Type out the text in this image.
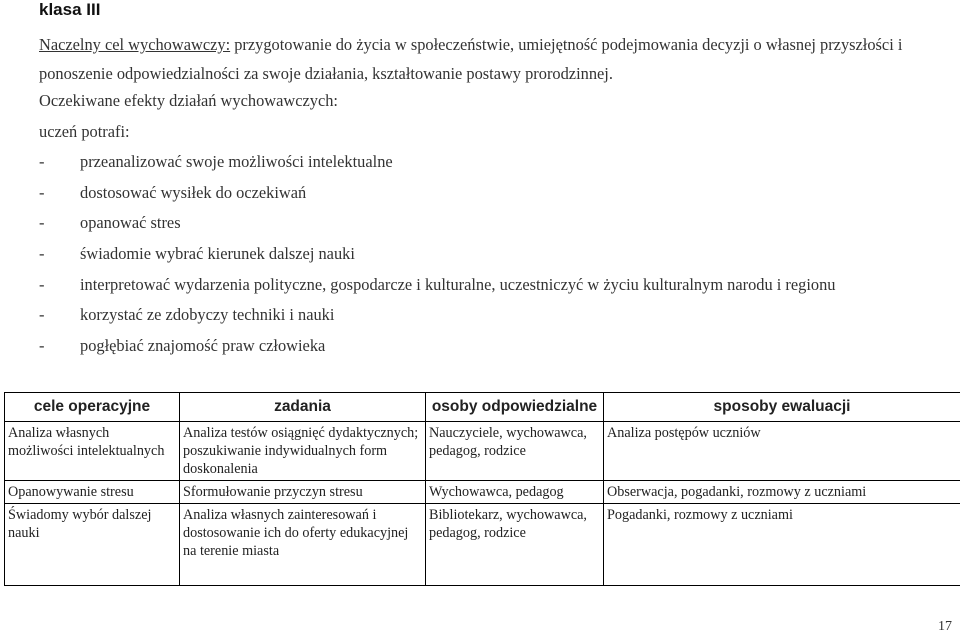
klasa III
Naczelny cel wychowawczy: przygotowanie do życia w społeczeństwie, umiejętność podejmowania decyzji o własnej przyszłości i ponoszenie odpowiedzialności za swoje działania, kształtowanie postawy prorodzinnej.
Oczekiwane efekty działań wychowawczych:
uczeń potrafi:
- przeanalizować swoje możliwości intelektualne
- dostosować wysiłek do oczekiwań
- opanować stres
- świadomie wybrać kierunek dalszej nauki
- interpretować wydarzenia polityczne, gospodarcze i kulturalne, uczestniczyć w życiu kulturalnym narodu i regionu
- korzystać ze zdobyczy techniki i nauki
- pogłębiać znajomość praw człowieka
cele operacyjne	zadania	osoby odpowiedzialne	sposoby ewaluacji
Analiza własnych możliwości intelektualnych	Analiza testów osiągnięć dydaktycznych; poszukiwanie indywidualnych form doskonalenia	Nauczyciele, wychowawca, pedagog, rodzice	Analiza postępów uczniów
Opanowywanie stresu	Sformułowanie przyczyn stresu	Wychowawca, pedagog	Obserwacja, pogadanki, rozmowy z uczniami
Świadomy wybór dalszej nauki	Analiza własnych zainteresowań i dostosowanie ich do oferty edukacyjnej na terenie miasta	Bibliotekarz, wychowawca, pedagog, rodzice	Pogadanki, rozmowy z uczniami
17
